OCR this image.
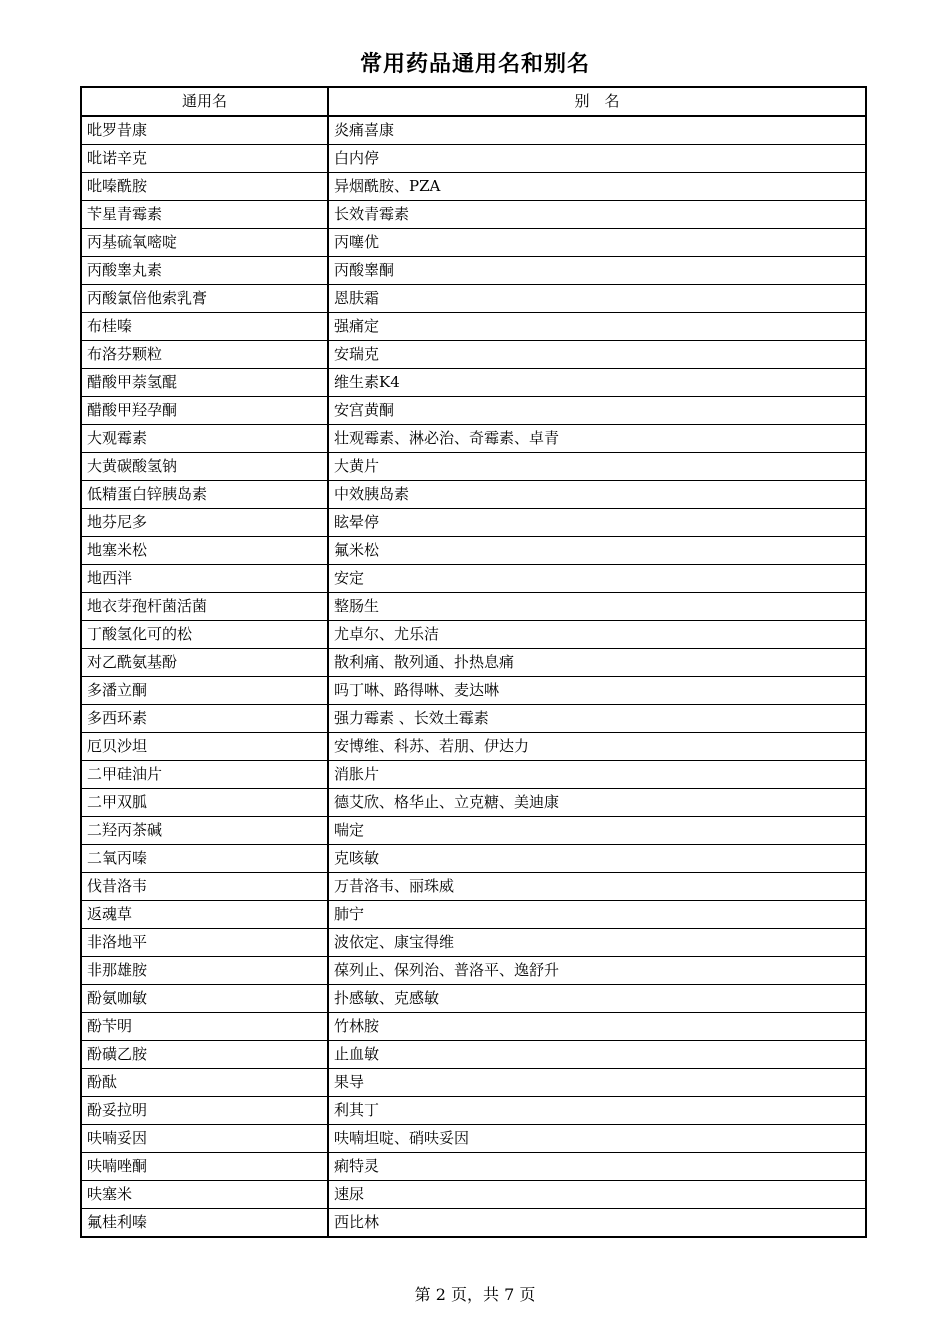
常用药品通用名和别名
通用名	别　名
吡罗昔康	炎痛喜康
吡诺辛克	白内停
吡嗪酰胺	异烟酰胺、PZA
苄星青霉素	长效青霉素
丙基硫氧嘧啶	丙噻优
丙酸睾丸素	丙酸睾酮
丙酸氯倍他索乳膏	恩肤霜
布桂嗪	强痛定
布洛芬颗粒	安瑞克
醋酸甲萘氢醌	维生素K4
醋酸甲羟孕酮	安宫黄酮
大观霉素	壮观霉素、淋必治、奇霉素、卓青
大黄碳酸氢钠	大黄片
低精蛋白锌胰岛素	中效胰岛素
地芬尼多	眩晕停
地塞米松	氟米松
地西泮	安定
地衣芽孢杆菌活菌	整肠生
丁酸氢化可的松	尤卓尔、尤乐洁
对乙酰氨基酚	散利痛、散列通、扑热息痛
多潘立酮	吗丁啉、路得啉、麦达啉
多西环素	强力霉素 、长效土霉素
厄贝沙坦	安博维、科苏、若朋、伊达力
二甲硅油片	消胀片
二甲双胍	德艾欣、格华止、立克糖、美迪康
二羟丙茶碱	喘定
二氧丙嗪	克咳敏
伐昔洛韦	万昔洛韦、丽珠威
返魂草	肺宁
非洛地平	波依定、康宝得维
非那雄胺	葆列止、保列治、普洛平、逸舒升
酚氨咖敏	扑感敏、克感敏
酚苄明	竹林胺
酚磺乙胺	止血敏
酚酞	果导
酚妥拉明	利其丁
呋喃妥因	呋喃坦啶、硝呋妥因
呋喃唑酮	痢特灵
呋塞米	速尿
氟桂利嗪	西比林
第 2 页，共 7 页
